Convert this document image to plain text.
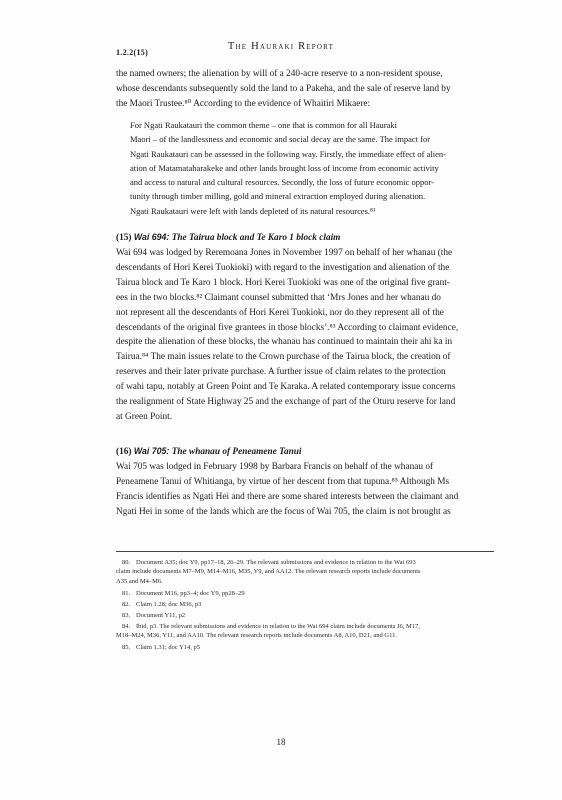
1.2.2(15)
The Hauraki Report
the named owners; the alienation by will of a 240-acre reserve to a non-resident spouse,
whose descendants subsequently sold the land to a Pakeha, and the sale of reserve land by
the Maori Trustee.⁸⁰ According to the evidence of Whaitiri Mikaere:
For Ngati Raukatauri the common theme – one that is common for all Hauraki
Maori – of the landlessness and economic and social decay are the same. The impact for
Ngati Raukatauri can be assessed in the following way. Firstly, the immediate effect of alien-
ation of Matamataharakeke and other lands brought loss of income from economic activity
and access to natural and cultural resources. Secondly, the loss of future economic oppor-
tunity through timber milling, gold and mineral extraction employed during alienation.
Ngati Raukatauri were left with lands depleted of its natural resources.⁸¹
(15) Wai 694: The Tairua block and Te Karo 1 block claim
Wai 694 was lodged by Reremoana Jones in November 1997 on behalf of her whanau (the
descendants of Hori Kerei Tuokioki) with regard to the investigation and alienation of the
Tairua block and Te Karo 1 block. Hori Kerei Tuokioki was one of the original five grant-
ees in the two blocks.⁸² Claimant counsel submitted that ‘Mrs Jones and her whanau do
not represent all the descendants of Hori Kerei Tuokioki, nor do they represent all of the
descendants of the original five grantees in those blocks’.⁸³ According to claimant evidence,
despite the alienation of these blocks, the whanau has continued to maintain their ahi ka in
Tairua.⁸⁴ The main issues relate to the Crown purchase of the Tairua block, the creation of
reserves and their later private purchase. A further issue of claim relates to the protection
of wahi tapu, notably at Green Point and Te Karaka. A related contemporary issue concerns
the realignment of State Highway 25 and the exchange of part of the Oturu reserve for land
at Green Point.
(16) Wai 705: The whanau of Peneamene Tanui
Wai 705 was lodged in February 1998 by Barbara Francis on behalf of the whanau of
Peneamene Tanui of Whitianga, by virtue of her descent from that tupuna.⁸⁵ Although Ms
Francis identifies as Ngati Hei and there are some shared interests between the claimant and
Ngati Hei in some of the lands which are the focus of Wai 705, the claim is not brought as
80. Document A35; doc Y9, pp17–18, 26–29. The relevant submissions and evidence in relation to the Wai 693
claim include documents M7–M9, M14–M16, M35, Y9, and AA12. The relevant research reports include documents
A35 and M4–M6.
81. Document M16, pp3–4; doc Y9, pp28–29
82. Claim 1.28; doc M36, p3
83. Document Y11, p2
84. Ibid, p3. The relevant submissions and evidence in relation to the Wai 694 claim include documents J6, M17,
M18–M24, M36, Y11, and AA10. The relevant research reports include documents A8, A10, D21, and G11.
85. Claim 1.31; doc Y14, p5
18
